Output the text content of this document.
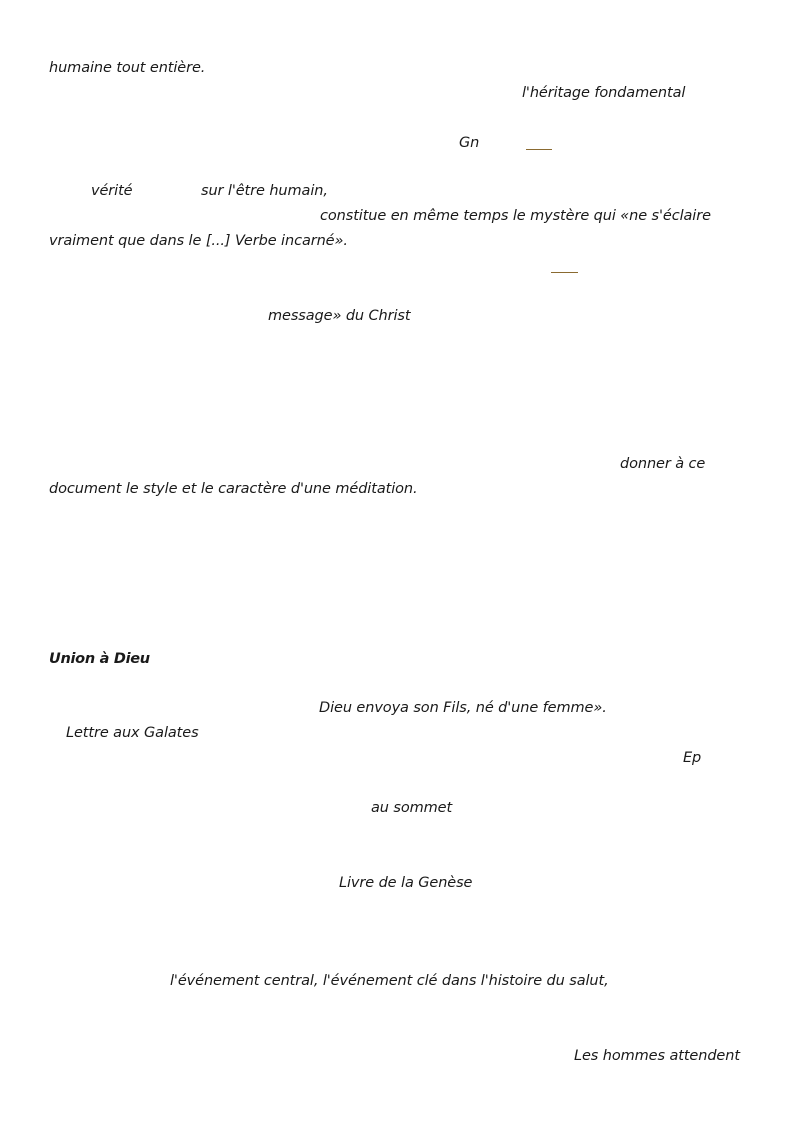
humaine tout entière.
l'héritage fondamental
Gn
vérité	sur l'être humain,
constitue en même temps le mystère qui «ne s'éclaire
vraiment que dans le [...] Verbe incarné».
message» du Christ
donner à ce
document le style et le caractère d'une méditation.
Union à Dieu
Dieu envoya son Fils, né d'une femme».
Lettre aux Galates
Ep
au sommet
Livre de la Genèse
l'événement central, l'événement clé dans l'histoire du salut,
Les hommes attendent
